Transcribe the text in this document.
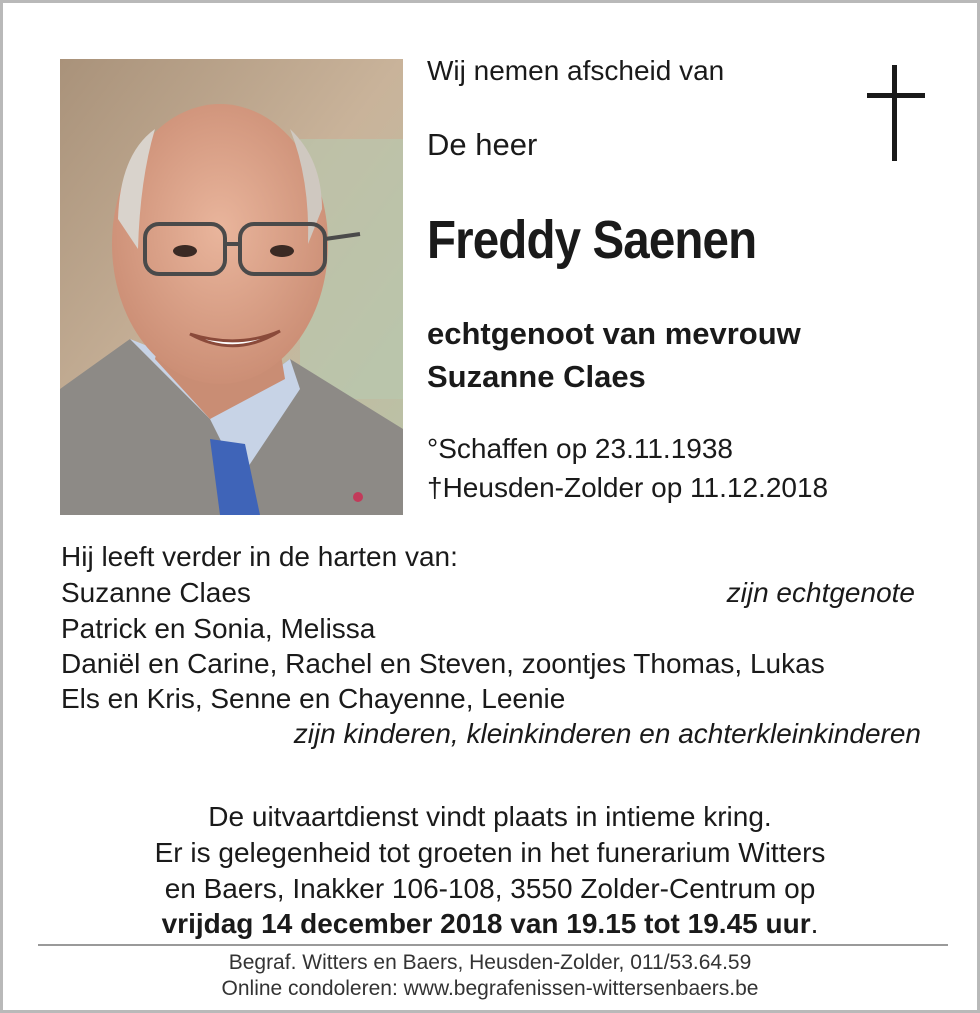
Wij nemen afscheid van
De heer
Freddy Saenen
echtgenoot van mevrouw
Suzanne Claes
°Schaffen op 23.11.1938
†Heusden-Zolder op 11.12.2018
Hij leeft verder in de harten van:
Suzanne Claes	zijn echtgenote
Patrick en Sonia, Melissa
Daniël en Carine, Rachel en Steven, zoontjes Thomas, Lukas
Els en Kris, Senne en Chayenne, Leenie
zijn kinderen, kleinkinderen en achterkleinkinderen
De uitvaartdienst vindt plaats in intieme kring.
Er is gelegenheid tot groeten in het funerarium Witters
en Baers, Inakker 106-108, 3550 Zolder-Centrum op
vrijdag 14 december 2018 van 19.15 tot 19.45 uur.
Begraf. Witters en Baers, Heusden-Zolder, 011/53.64.59
Online condoleren: www.begrafenissen-wittersenbaers.be
